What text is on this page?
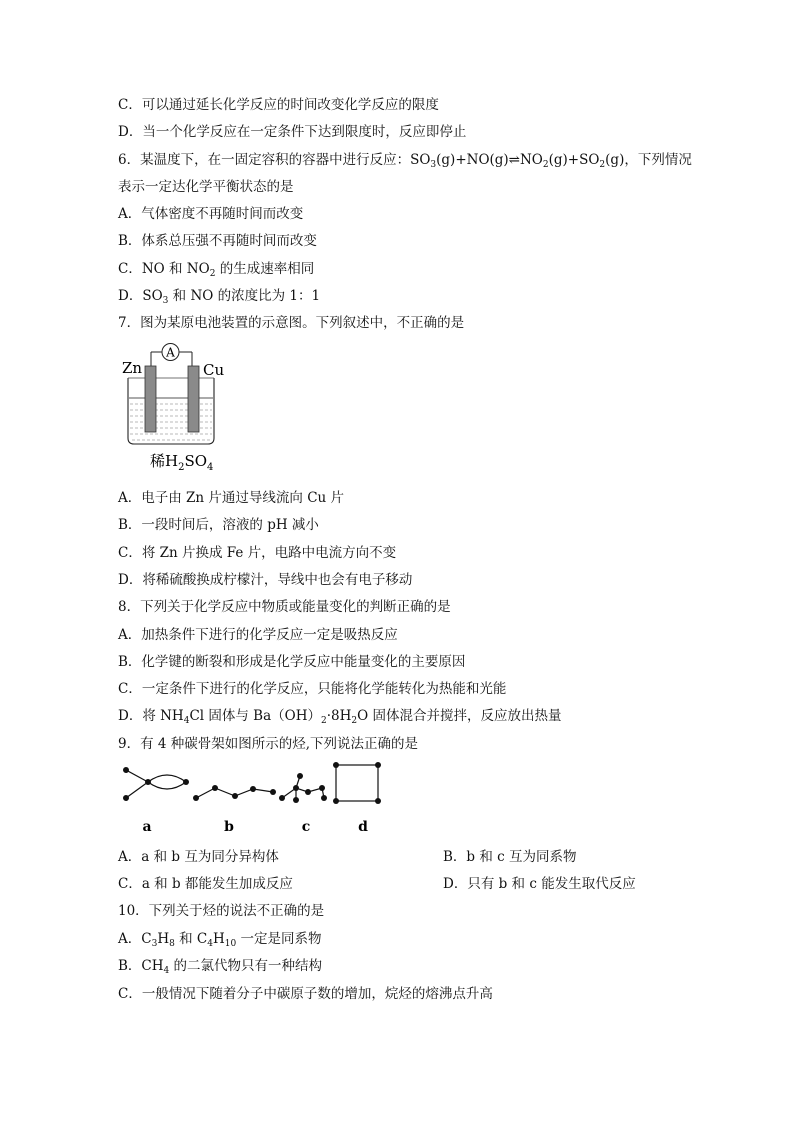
C．可以通过延长化学反应的时间改变化学反应的限度
D．当一个化学反应在一定条件下达到限度时，反应即停止
6．某温度下，在一固定容积的容器中进行反应：$SO_3(g)+NO(g)\rightleftharpoons NO_2(g)+SO_2(g)$，下列情况
表示一定达化学平衡状态的是
A．气体密度不再随时间而改变
B．体系总压强不再随时间而改变
C．NO 和 $NO_2$ 的生成速率相同
D．$SO_3$ 和 NO 的浓度比为 1：1
7．图为某原电池装置的示意图。下列叙述中，不正确的是
A
Zn	Cu
稀$H_2SO_4$
A．电子由 Zn 片通过导线流向 Cu 片
B．一段时间后，溶液的 pH 减小
C．将 Zn 片换成 Fe 片，电路中电流方向不变
D．将稀硫酸换成柠檬汁，导线中也会有电子移动
8．下列关于化学反应中物质或能量变化的判断正确的是
A．加热条件下进行的化学反应一定是吸热反应
B．化学键的断裂和形成是化学反应中能量变化的主要原因
C．一定条件下进行的化学反应，只能将化学能转化为热能和光能
D．将 $NH_4Cl$ 固体与 $Ba(OH)_2\cdot 8H_2O$ 固体混合并搅拌，反应放出热量
9．有 4 种碳骨架如图所示的烃,下列说法正确的是
a	b	c	d
A．a 和 b 互为同分异构体	B．b 和 c 互为同系物
C．a 和 b 都能发生加成反应	D．只有 b 和 c 能发生取代反应
10．下列关于烃的说法不正确的是
A．$C_3H_8$ 和 $C_4H_{10}$ 一定是同系物
B．$CH_4$ 的二氯代物只有一种结构
C．一般情况下随着分子中碳原子数的增加，烷烃的熔沸点升高
